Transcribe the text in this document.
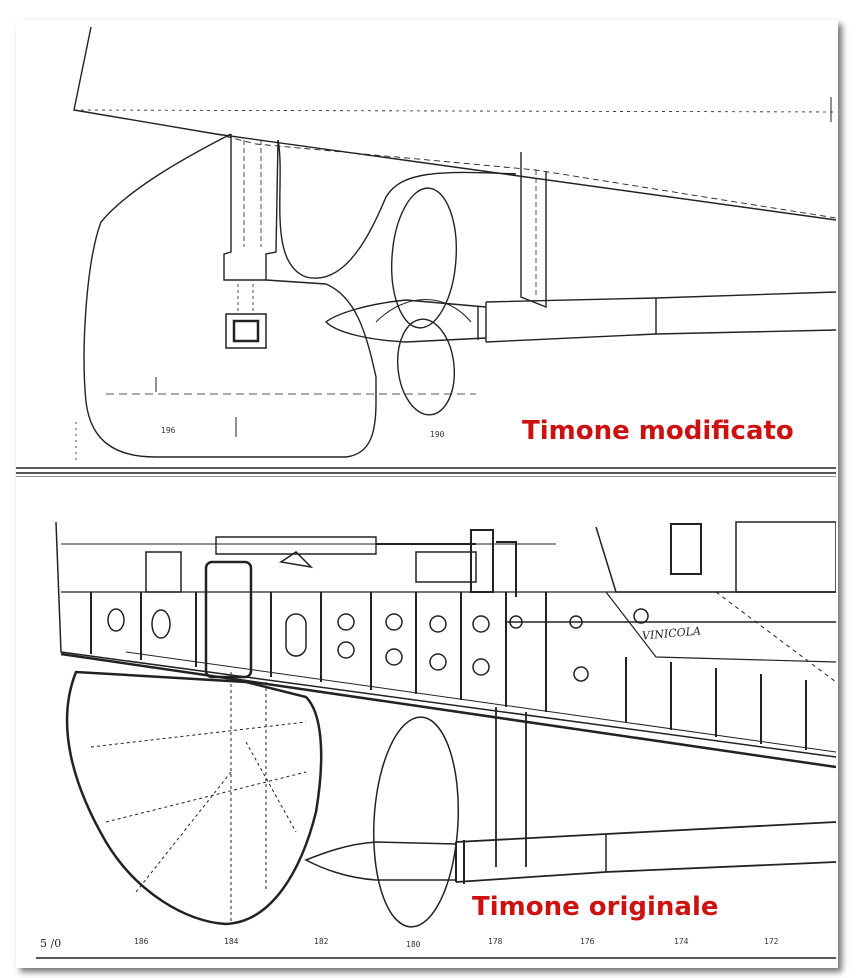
196	190	Timone modificato
VINICOLA
5 /0	186	184	182	180	178	176	174	172
Timone originale
